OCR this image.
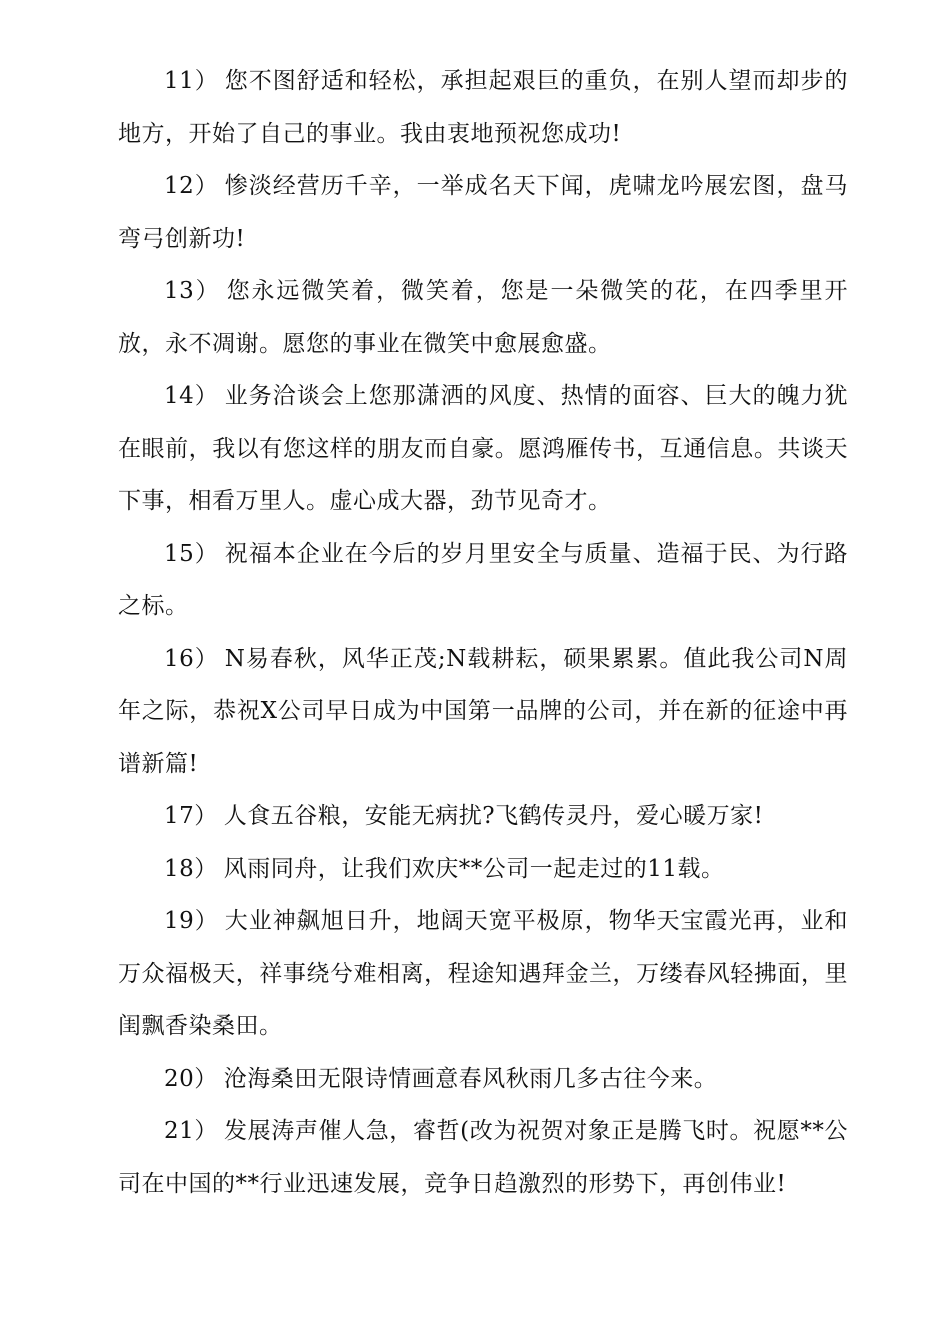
11） 您不图舒适和轻松，承担起艰巨的重负，在别人望而却步的地方，开始了自己的事业。我由衷地预祝您成功!

12） 惨淡经营历千辛，一举成名天下闻，虎啸龙吟展宏图，盘马弯弓创新功!

13） 您永远微笑着，微笑着，您是一朵微笑的花，在四季里开放，永不凋谢。愿您的事业在微笑中愈展愈盛。

14） 业务洽谈会上您那潇洒的风度、热情的面容、巨大的魄力犹在眼前，我以有您这样的朋友而自豪。愿鸿雁传书，互通信息。共谈天下事，相看万里人。虚心成大器，劲节见奇才。

15） 祝福本企业在今后的岁月里安全与质量、造福于民、为行路之标。

16） N易春秋，风华正茂;N载耕耘，硕果累累。值此我公司N周年之际，恭祝X公司早日成为中国第一品牌的公司，并在新的征途中再谱新篇!

17） 人食五谷粮，安能无病扰?飞鹤传灵丹，爱心暖万家!

18） 风雨同舟，让我们欢庆**公司一起走过的11载。

19） 大业神飙旭日升，地阔天宽平极原，物华天宝霞光再，业和万众福极天，祥事绕兮难相离，程途知遇拜金兰，万缕春风轻拂面，里闺飘香染桑田。

20） 沧海桑田无限诗情画意春风秋雨几多古往今来。

21） 发展涛声催人急，睿哲(改为祝贺对象正是腾飞时。祝愿**公司在中国的**行业迅速发展，竞争日趋激烈的形势下，再创伟业!
